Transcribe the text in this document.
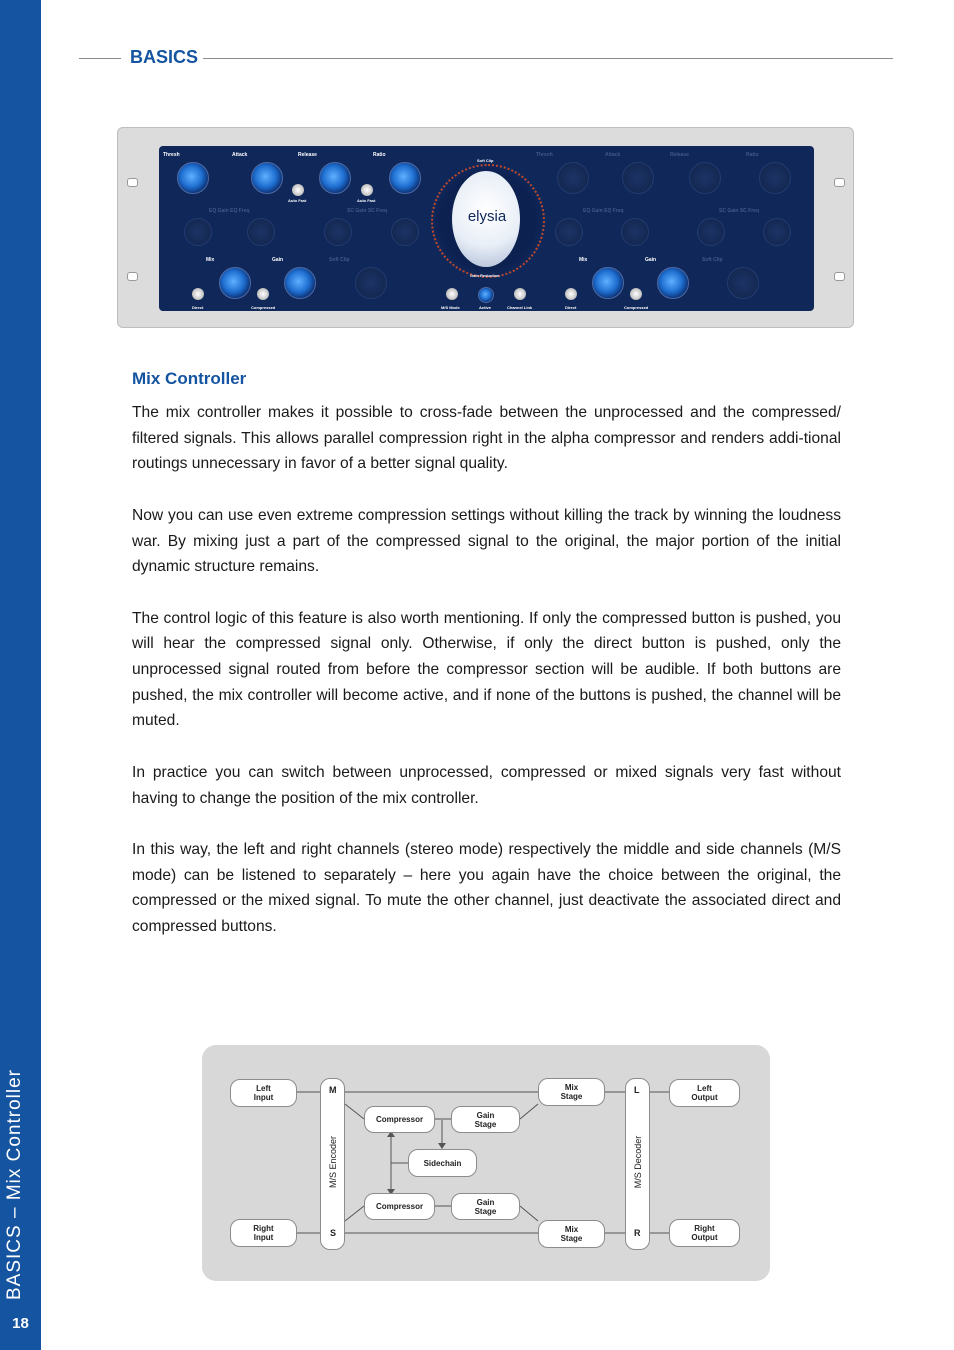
BASICS – Mix Controller
18
BASICS
Thresh	Attack	Release	Ratio	Thresh	Attack	Release	Ratio
Auto Fast	Auto Fast
EQ Gain EQ Freq	SC Gain SC Freq
Mix	Gain	Soft Clip
Direct	Compressed
Soft Clip
elysia
Gain Reduction
M/S Mode	Active	Channel Link
EQ Gain EQ Freq	SC Gain SC Freq
Mix	Gain	Soft Clip
Direct	Compressed
Mix Controller

The mix controller makes it possible to cross-fade between the unprocessed and the compressed/ filtered signals. This allows parallel compression right in the alpha compressor and renders addi-tional routings unnecessary in favor of a better signal quality.

Now you can use even extreme compression settings without killing the track by winning the loudness war. By mixing just a part of the compressed signal to the original, the major portion of the initial dynamic structure remains.

The control logic of this feature is also worth mentioning. If only the compressed button is pushed, you will hear the compressed signal only. Otherwise, if only the direct button is pushed, only the unprocessed signal routed from before the compressor section will be audible. If both buttons are pushed, the mix controller will become active, and if none of the buttons is pushed, the channel will be muted.

In practice you can switch between unprocessed, compressed or mixed signals very fast without having to change the position of the mix controller.

In this way, the left and right channels (stereo mode) respectively the middle and side channels (M/S mode) can be listened to separately – here you again have the choice between the original, the compressed or the mixed signal. To mute the other channel, just deactivate the associated direct and compressed buttons.

Left
Input
Right
Input
M
S
M/S Encoder
Compressor	Gain
Stage
Sidechain
Compressor	Gain
Stage
Mix
Stage
Mix
Stage
L
R
M/S Decoder
Left
Output
Right
Output
